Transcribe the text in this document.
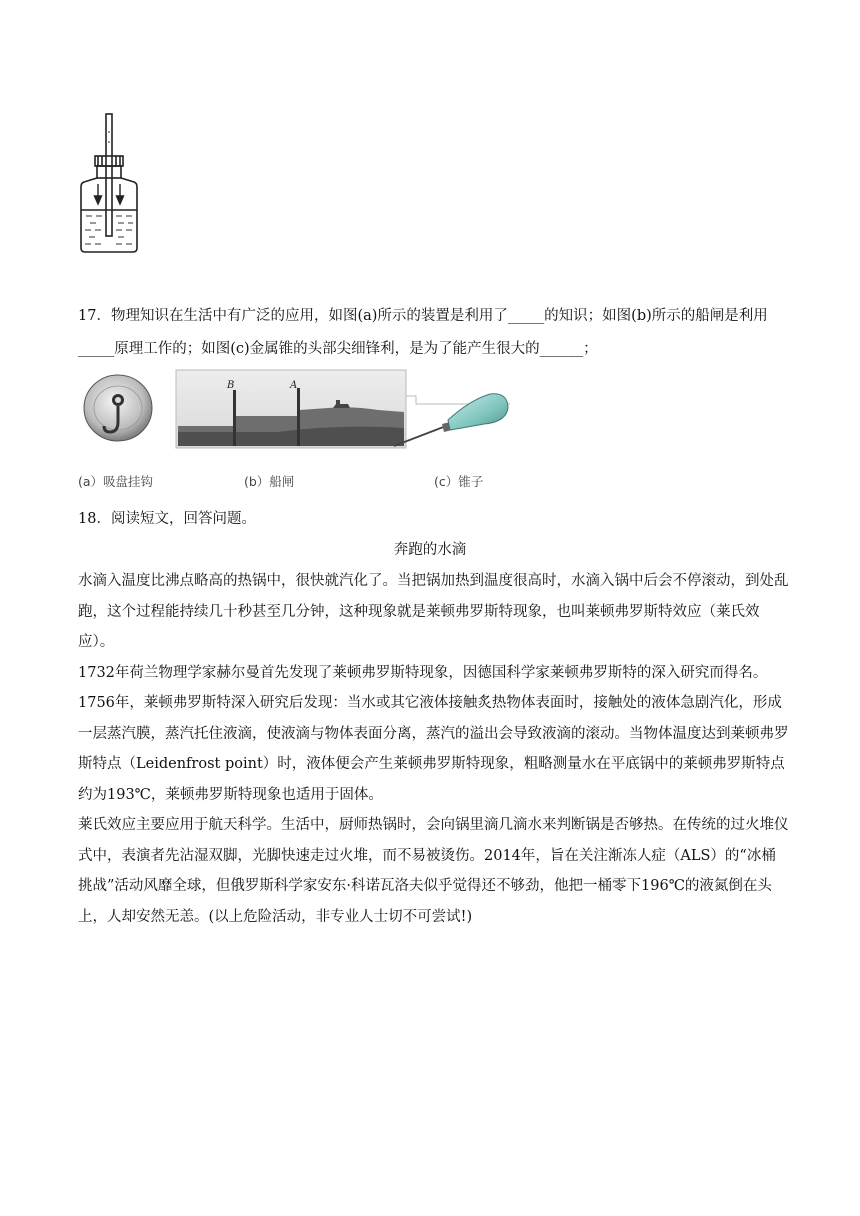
17．物理知识在生活中有广泛的应用，如图(a)所示的装置是利用了_____的知识；如图(b)所示的船闸是利用_____原理工作的；如图(c)金属锥的头部尖细锋利，是为了能产生很大的______；
B	A
(a）吸盘挂钩	(b）船闸	(c）锥子
18．阅读短文，回答问题。
奔跑的水滴

水滴入温度比沸点略高的热锅中，很快就汽化了。当把锅加热到温度很高时，水滴入锅中后会不停滚动，到处乱跑，这个过程能持续几十秒甚至几分钟，这种现象就是莱顿弗罗斯特现象，也叫莱顿弗罗斯特效应（莱氏效应）。

1732年荷兰物理学家赫尔曼首先发现了莱顿弗罗斯特现象，因德国科学家莱顿弗罗斯特的深入研究而得名。1756年，莱顿弗罗斯特深入研究后发现：当水或其它液体接触炙热物体表面时，接触处的液体急剧汽化，形成一层蒸汽膜，蒸汽托住液滴，使液滴与物体表面分离，蒸汽的溢出会导致液滴的滚动。当物体温度达到莱顿弗罗斯特点（Leidenfrost point）时，液体便会产生莱顿弗罗斯特现象，粗略测量水在平底锅中的莱顿弗罗斯特点约为193℃，莱顿弗罗斯特现象也适用于固体。

莱氏效应主要应用于航天科学。生活中，厨师热锅时，会向锅里滴几滴水来判断锅是否够热。在传统的过火堆仪式中，表演者先沾湿双脚，光脚快速走过火堆，而不易被烫伤。2014年，旨在关注渐冻人症（ALS）的“冰桶挑战”活动风靡全球，但俄罗斯科学家安东·科诺瓦洛夫似乎觉得还不够劲，他把一桶零下196℃的液氮倒在头上，人却安然无恙。(以上危险活动，非专业人士切不可尝试!)
